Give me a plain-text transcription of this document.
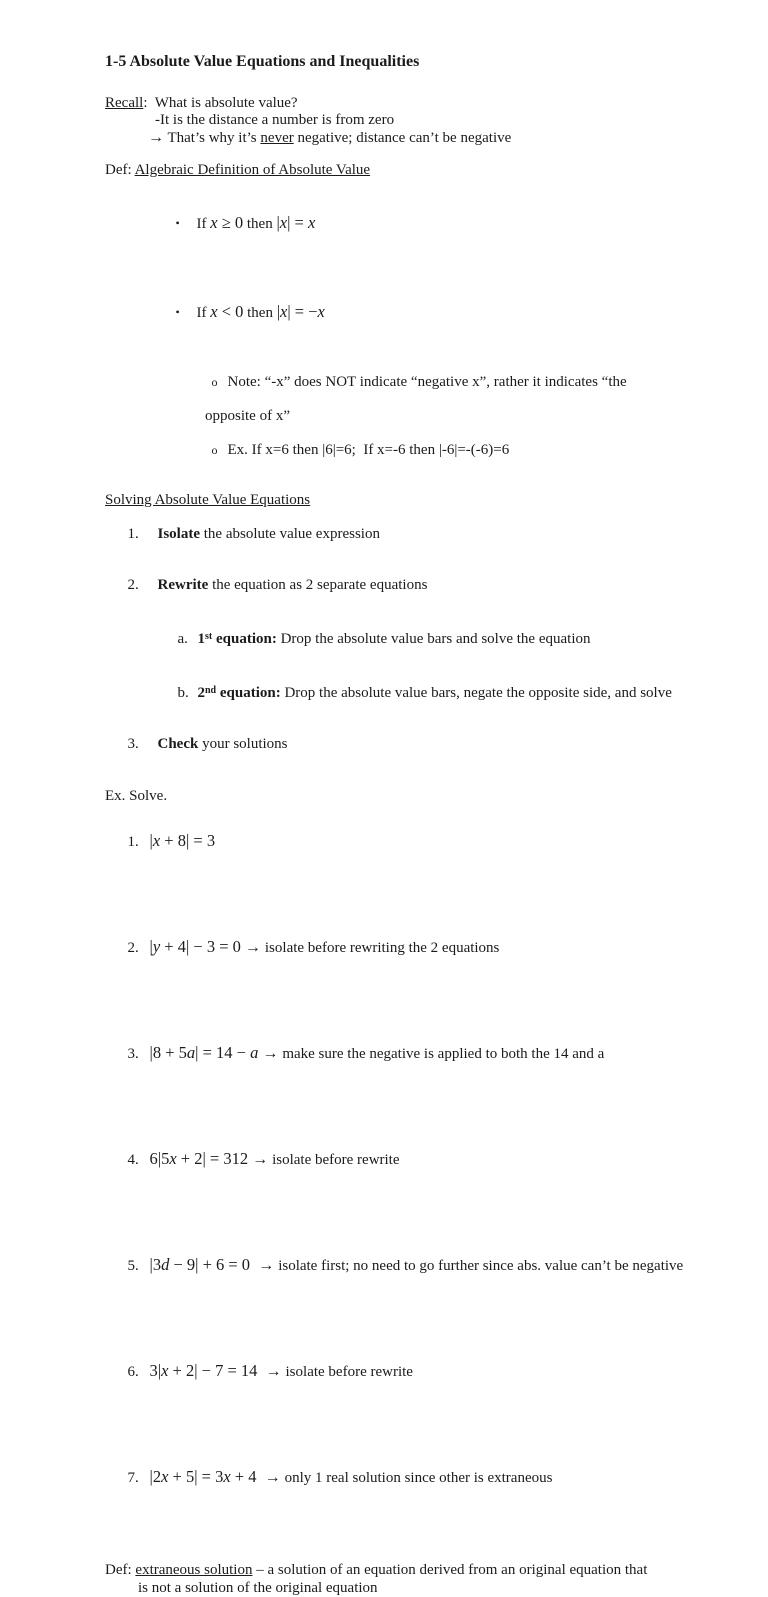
1-5 Absolute Value Equations and Inequalities
Recall:  What is absolute value?
-It is the distance a number is from zero
→ That’s why it’s never negative; distance can’t be negative
Def: Algebraic Definition of Absolute Value

• If x ≥ 0 then |x| = x

• If x < 0 then |x| = −x

o Note: “-x” does NOT indicate “negative x”, rather it indicates “the

opposite of x”

o Ex. If x=6 then |6|=6;  If x=-6 then |-6|=-(-6)=6

Solving Absolute Value Equations

1. Isolate the absolute value expression

2. Rewrite the equation as 2 separate equations

a. 1st equation: Drop the absolute value bars and solve the equation

b. 2nd equation: Drop the absolute value bars, negate the opposite side, and solve

3. Check your solutions

Ex. Solve.

1. |x + 8| = 3

2. |y + 4| − 3 = 0 → isolate before rewriting the 2 equations

3. |8 + 5a| = 14 − a → make sure the negative is applied to both the 14 and a

4. 6|5x + 2| = 312 → isolate before rewrite

5. |3d − 9| + 6 = 0  → isolate first; no need to go further since abs. value can’t be negative

6. 3|x + 2| − 7 = 14  → isolate before rewrite

7. |2x + 5| = 3x + 4  → only 1 real solution since other is extraneous

Def: extraneous solution – a solution of an equation derived from an original equation that
is not a solution of the original equation
